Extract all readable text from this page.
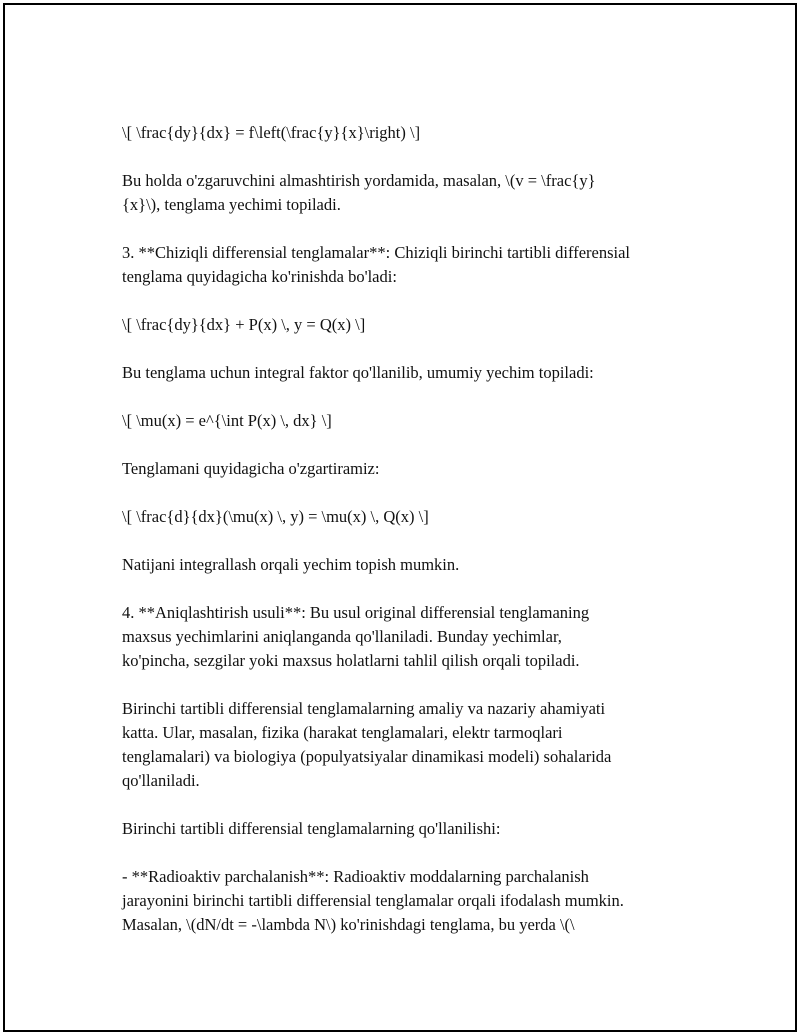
\[ \frac{dy}{dx} = f\left(\frac{y}{x}\right) \]

Bu holda o'zgaruvchini almashtirish yordamida, masalan, \(v = \frac{y}
{x}\), tenglama yechimi topiladi.

3. **Chiziqli differensial tenglamalar**: Chiziqli birinchi tartibli differensial
tenglama quyidagicha ko'rinishda bo'ladi:

\[ \frac{dy}{dx} + P(x) \, y = Q(x) \]

Bu tenglama uchun integral faktor qo'llanilib, umumiy yechim topiladi:

\[ \mu(x) = e^{\int P(x) \, dx} \]

Tenglamani quyidagicha o'zgartiramiz:

\[ \frac{d}{dx}(\mu(x) \, y) = \mu(x) \, Q(x) \]

Natijani integrallash orqali yechim topish mumkin.

4. **Aniqlashtirish usuli**: Bu usul original differensial tenglamaning
maxsus yechimlarini aniqlanganda qo'llaniladi. Bunday yechimlar,
ko'pincha, sezgilar yoki maxsus holatlarni tahlil qilish orqali topiladi.

Birinchi tartibli differensial tenglamalarning amaliy va nazariy ahamiyati
katta. Ular, masalan, fizika (harakat tenglamalari, elektr tarmoqlari
tenglamalari) va biologiya (populyatsiyalar dinamikasi modeli) sohalarida
qo'llaniladi.

Birinchi tartibli differensial tenglamalarning qo'llanilishi:

- **Radioaktiv parchalanish**: Radioaktiv moddalarning parchalanish
jarayonini birinchi tartibli differensial tenglamalar orqali ifodalash mumkin.
Masalan, \(dN/dt = -\lambda N\) ko'rinishdagi tenglama, bu yerda \(\
